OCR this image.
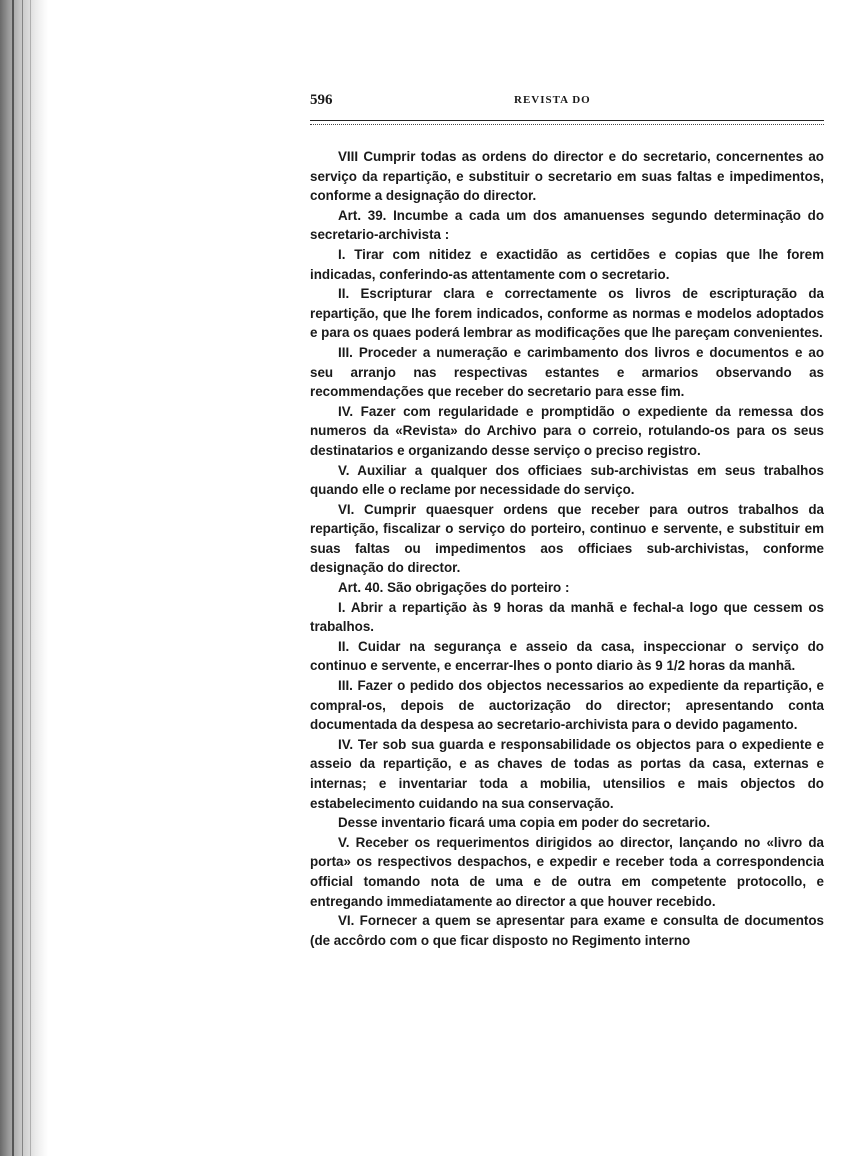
596	REVISTA DO

VIII Cumprir todas as ordens do director e do secretario, concernentes ao serviço da repartição, e substituir o secretario em suas faltas e impedimentos, conforme a designação do director.

Art. 39. Incumbe a cada um dos amanuenses segundo determinação do secretario-archivista :

I. Tirar com nitidez e exactidão as certidões e copias que lhe forem indicadas, conferindo-as attentamente com o secretario.

II. Escripturar clara e correctamente os livros de escripturação da repartição, que lhe forem indicados, conforme as normas e modelos adoptados e para os quaes poderá lembrar as modificações que lhe pareçam convenientes.

III. Proceder a numeração e carimbamento dos livros e documentos e ao seu arranjo nas respectivas estantes e armarios observando as recommendações que receber do secretario para esse fim.

IV. Fazer com regularidade e promptidão o expediente da remessa dos numeros da «Revista» do Archivo para o correio, rotulando-os para os seus destinatarios e organizando desse serviço o preciso registro.

V. Auxiliar a qualquer dos officiaes sub-archivistas em seus trabalhos quando elle o reclame por necessidade do serviço.

VI. Cumprir quaesquer ordens que receber para outros trabalhos da repartição, fiscalizar o serviço do porteiro, continuo e servente, e substituir em suas faltas ou impedimentos aos officiaes sub-archivistas, conforme designação do director.

Art. 40. São obrigações do porteiro :

I. Abrir a repartição às 9 horas da manhã e fechal-a logo que cessem os trabalhos.

II. Cuidar na segurança e asseio da casa, inspeccionar o serviço do continuo e servente, e encerrar-lhes o ponto diario às 9 1/2 horas da manhã.

III. Fazer o pedido dos objectos necessarios ao expediente da repartição, e compral-os, depois de auctorização do director; apresentando conta documentada da despesa ao secretario-archivista para o devido pagamento.

IV. Ter sob sua guarda e responsabilidade os objectos para o expediente e asseio da repartição, e as chaves de todas as portas da casa, externas e internas; e inventariar toda a mobilia, utensilios e mais objectos do estabelecimento cuidando na sua conservação.

Desse inventario ficará uma copia em poder do secretario.

V. Receber os requerimentos dirigidos ao director, lançando no «livro da porta» os respectivos despachos, e expedir e receber toda a correspondencia official tomando nota de uma e de outra em competente protocollo, e entregando immediatamente ao director a que houver recebido.

VI. Fornecer a quem se apresentar para exame e consulta de documentos (de accôrdo com o que ficar disposto no Regimento interno
